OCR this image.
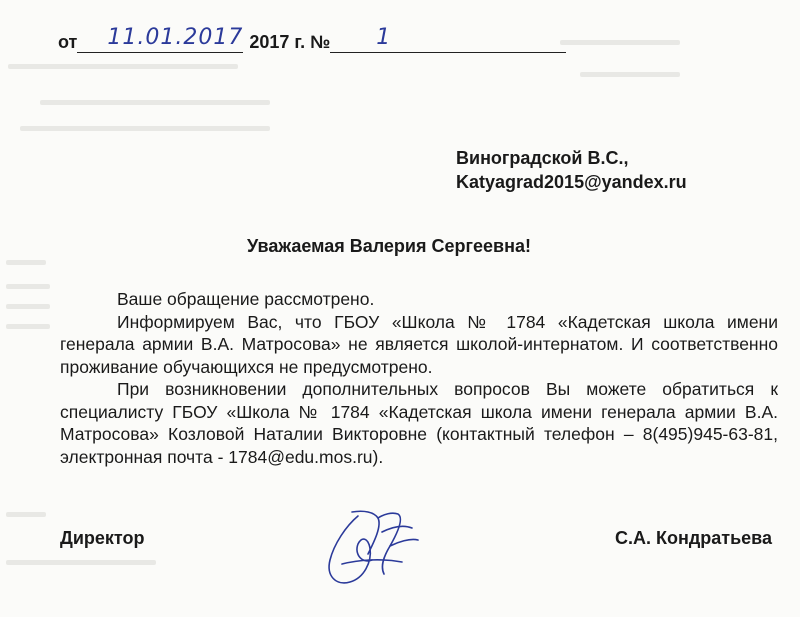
от 11.01.2017 2017 г. № 1
Виноградской В.С.,
Katyagrad2015@yandex.ru
Уважаемая Валерия Сергеевна!

Ваше обращение рассмотрено.

Информируем Вас, что ГБОУ «Школа № 1784 «Кадетская школа имени генерала армии В.А. Матросова» не является школой-интернатом. И соответственно проживание обучающихся не предусмотрено.

При возникновении дополнительных вопросов Вы можете обратиться к специалисту ГБОУ «Школа № 1784 «Кадетская школа имени генерала армии В.А. Матросова» Козловой Наталии Викторовне (контактный телефон – 8(495)945-63-81, электронная почта - 1784@edu.mos.ru).

Директор	С.А. Кондратьева
